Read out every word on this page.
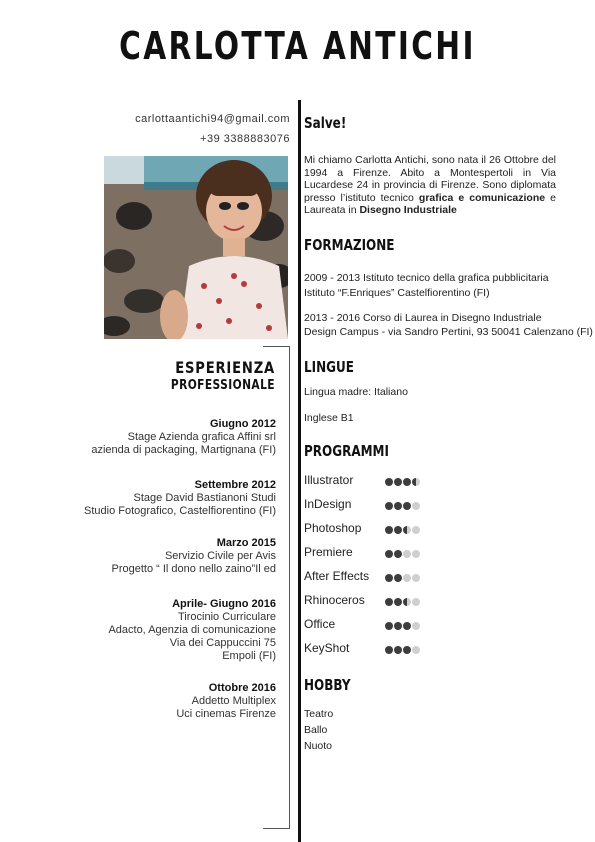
CARLOTTA ANTICHI
carlottaantichi94@gmail.com
+39 3388883076
ESPERIENZA
PROFESSIONALE
Giugno 2012
Stage Azienda grafica Affini srl
azienda di packaging, Martignana (FI)
Settembre 2012
Stage David Bastianoni Studi
Studio Fotografico, Castelfiorentino (FI)
Marzo 2015
Servizio Civile per Avis
Progetto “ Il dono nello zaino”Il ed
Aprile- Giugno 2016
Tirocinio Curriculare
Adacto, Agenzia di comunicazione
Via dei Cappuccini 75
Empoli (FI)
Ottobre 2016
Addetto Multiplex
Uci cinemas Firenze
Salve!
Mi chiamo Carlotta Antichi, sono nata il 26 Ottobre del 1994 a Firenze. Abito a Montespertoli in Via Lucardese 24 in provincia di Firenze. Sono diplomata presso l’istituto tecnico grafica e comunicazione e Laureata in Disegno Industriale
FORMAZIONE
2009 - 2013 Istituto tecnico della grafica pubblicitaria
Istituto “F.Enriques” Castelfiorentino (FI)
2013 - 2016 Corso di Laurea in Disegno Industriale
Design Campus - via Sandro Pertini, 93 50041 Calenzano (FI)
LINGUE
Lingua madre: Italiano
Inglese B1
PROGRAMMI
Illustrator
InDesign
Photoshop
Premiere
After Effects
Rhinoceros
Office
KeyShot
HOBBY
Teatro
Ballo
Nuoto
